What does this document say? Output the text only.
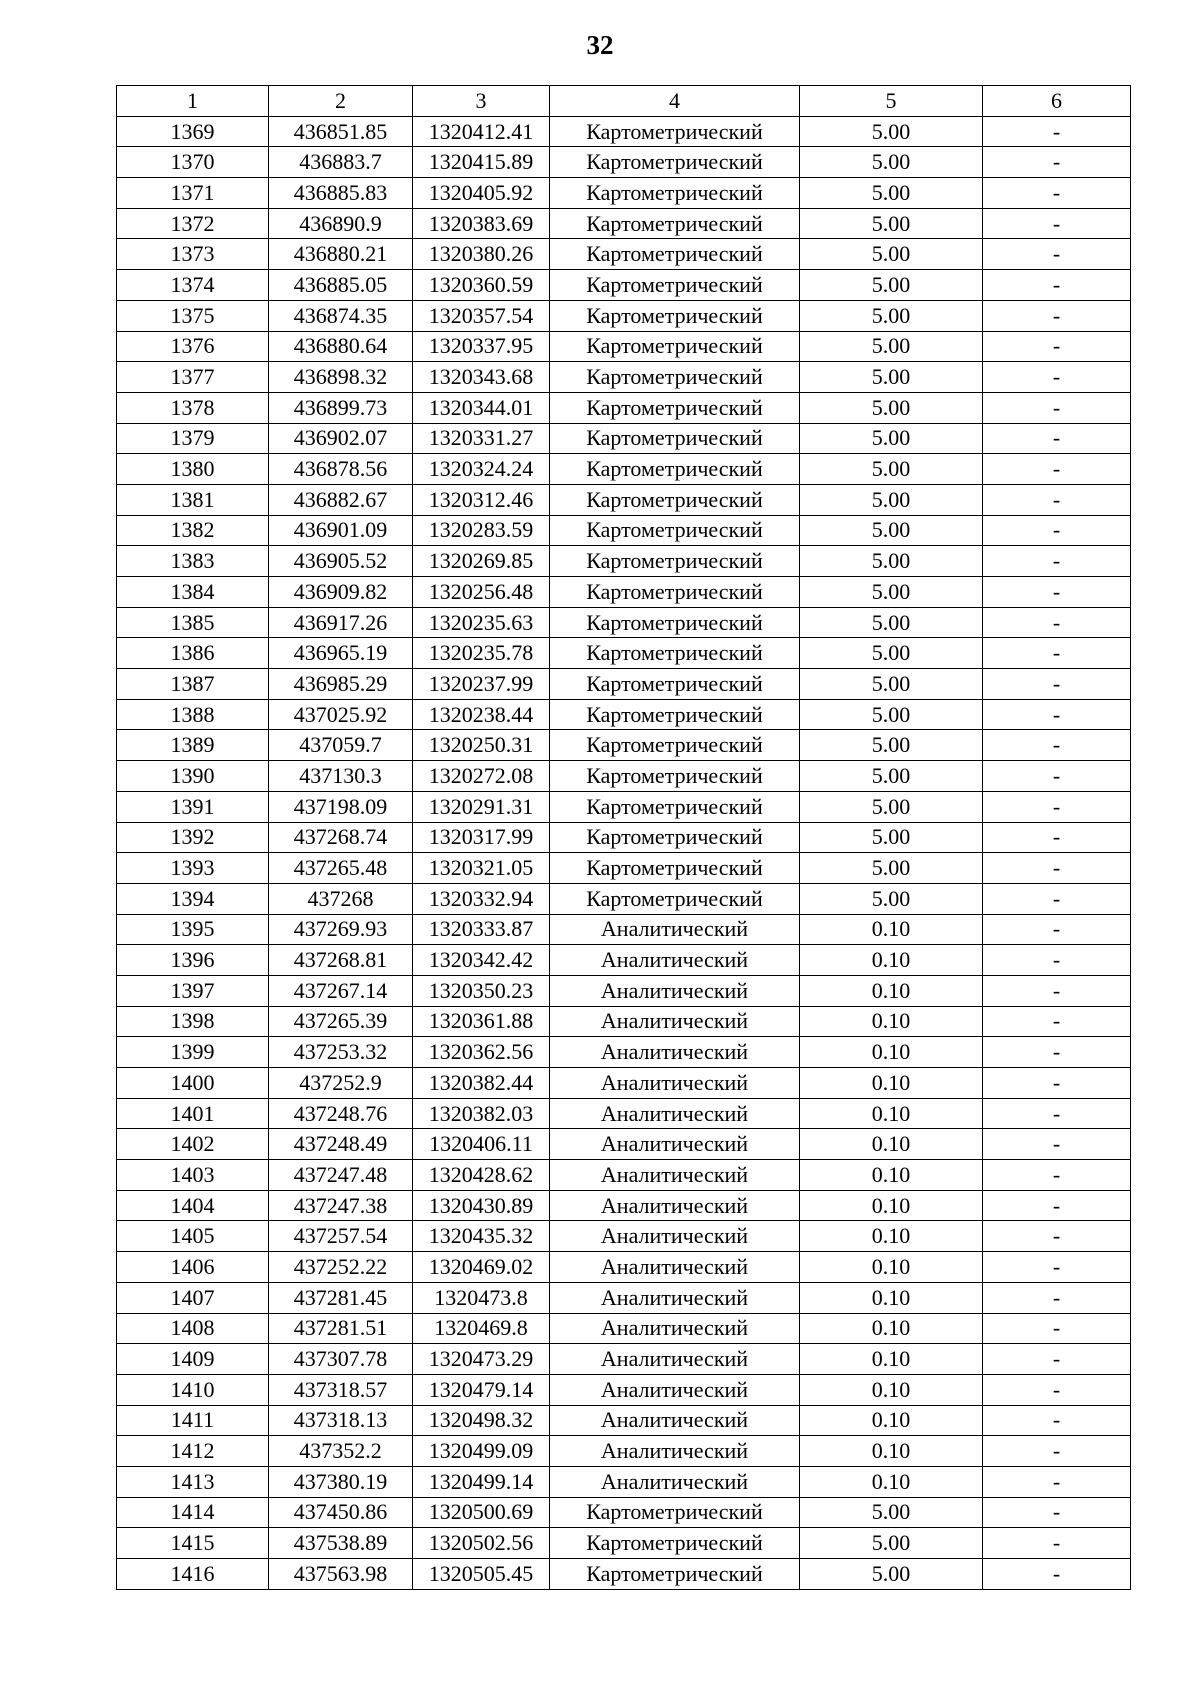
32
1	2	3	4	5	6
1369	436851.85	1320412.41	Картометрический	5.00	-
1370	436883.7	1320415.89	Картометрический	5.00	-
1371	436885.83	1320405.92	Картометрический	5.00	-
1372	436890.9	1320383.69	Картометрический	5.00	-
1373	436880.21	1320380.26	Картометрический	5.00	-
1374	436885.05	1320360.59	Картометрический	5.00	-
1375	436874.35	1320357.54	Картометрический	5.00	-
1376	436880.64	1320337.95	Картометрический	5.00	-
1377	436898.32	1320343.68	Картометрический	5.00	-
1378	436899.73	1320344.01	Картометрический	5.00	-
1379	436902.07	1320331.27	Картометрический	5.00	-
1380	436878.56	1320324.24	Картометрический	5.00	-
1381	436882.67	1320312.46	Картометрический	5.00	-
1382	436901.09	1320283.59	Картометрический	5.00	-
1383	436905.52	1320269.85	Картометрический	5.00	-
1384	436909.82	1320256.48	Картометрический	5.00	-
1385	436917.26	1320235.63	Картометрический	5.00	-
1386	436965.19	1320235.78	Картометрический	5.00	-
1387	436985.29	1320237.99	Картометрический	5.00	-
1388	437025.92	1320238.44	Картометрический	5.00	-
1389	437059.7	1320250.31	Картометрический	5.00	-
1390	437130.3	1320272.08	Картометрический	5.00	-
1391	437198.09	1320291.31	Картометрический	5.00	-
1392	437268.74	1320317.99	Картометрический	5.00	-
1393	437265.48	1320321.05	Картометрический	5.00	-
1394	437268	1320332.94	Картометрический	5.00	-
1395	437269.93	1320333.87	Аналитический	0.10	-
1396	437268.81	1320342.42	Аналитический	0.10	-
1397	437267.14	1320350.23	Аналитический	0.10	-
1398	437265.39	1320361.88	Аналитический	0.10	-
1399	437253.32	1320362.56	Аналитический	0.10	-
1400	437252.9	1320382.44	Аналитический	0.10	-
1401	437248.76	1320382.03	Аналитический	0.10	-
1402	437248.49	1320406.11	Аналитический	0.10	-
1403	437247.48	1320428.62	Аналитический	0.10	-
1404	437247.38	1320430.89	Аналитический	0.10	-
1405	437257.54	1320435.32	Аналитический	0.10	-
1406	437252.22	1320469.02	Аналитический	0.10	-
1407	437281.45	1320473.8	Аналитический	0.10	-
1408	437281.51	1320469.8	Аналитический	0.10	-
1409	437307.78	1320473.29	Аналитический	0.10	-
1410	437318.57	1320479.14	Аналитический	0.10	-
1411	437318.13	1320498.32	Аналитический	0.10	-
1412	437352.2	1320499.09	Аналитический	0.10	-
1413	437380.19	1320499.14	Аналитический	0.10	-
1414	437450.86	1320500.69	Картометрический	5.00	-
1415	437538.89	1320502.56	Картометрический	5.00	-
1416	437563.98	1320505.45	Картометрический	5.00	-
